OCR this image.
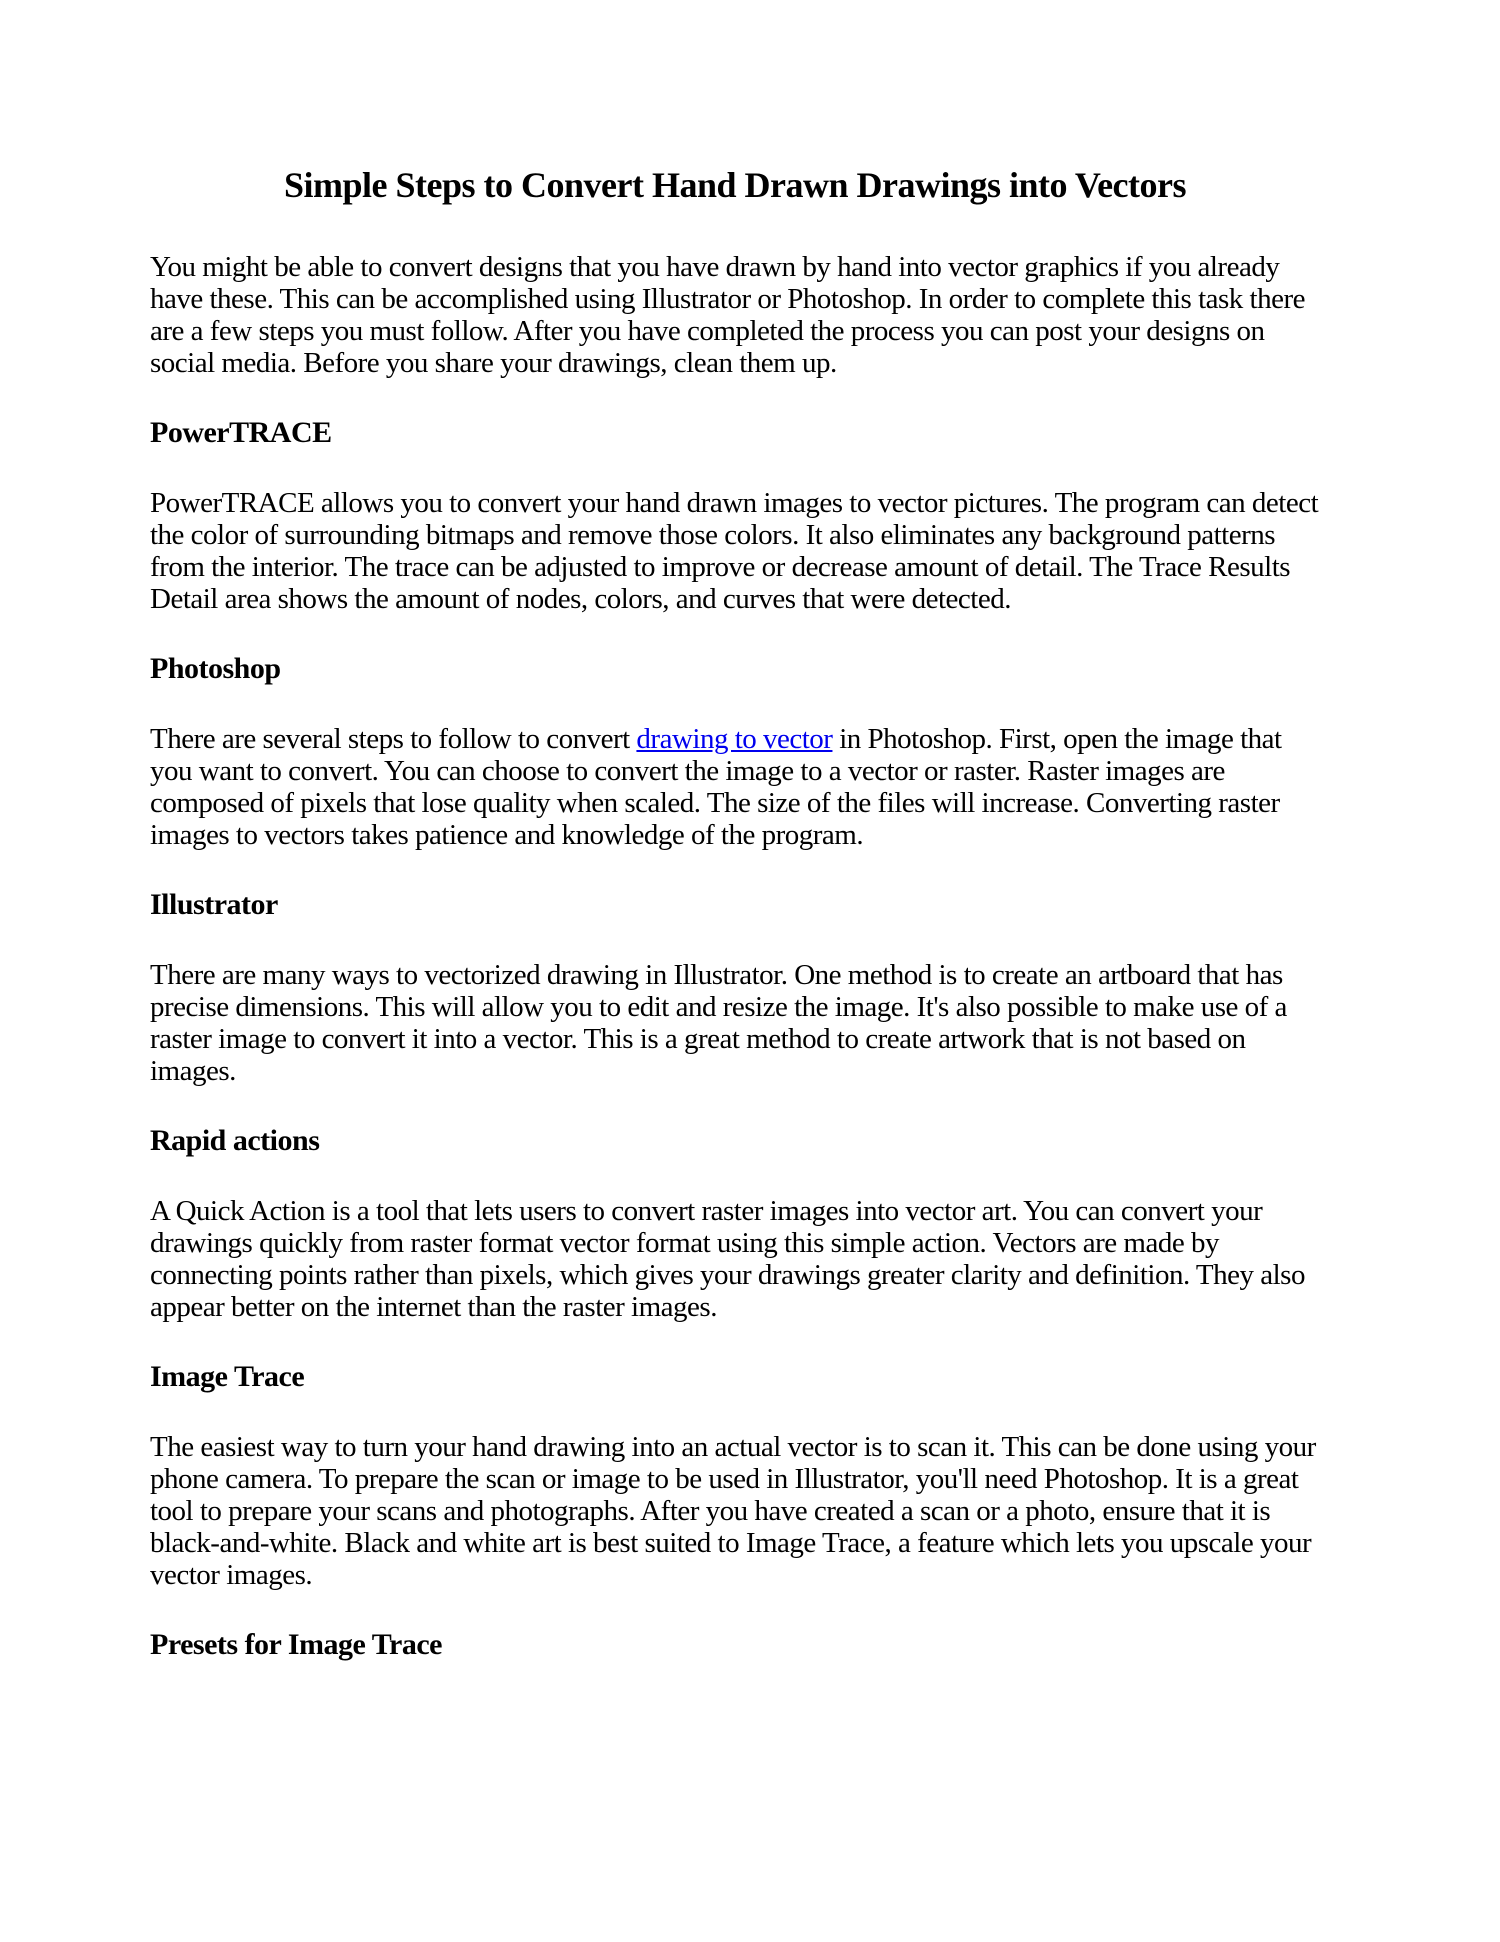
Simple Steps to Convert Hand Drawn Drawings into Vectors

You might be able to convert designs that you have drawn by hand into vector graphics if you already have these. This can be accomplished using Illustrator or Photoshop. In order to complete this task there are a few steps you must follow. After you have completed the process you can post your designs on social media. Before you share your drawings, clean them up.

PowerTRACE

PowerTRACE allows you to convert your hand drawn images to vector pictures. The program can detect the color of surrounding bitmaps and remove those colors. It also eliminates any background patterns from the interior. The trace can be adjusted to improve or decrease amount of detail. The Trace Results Detail area shows the amount of nodes, colors, and curves that were detected.

Photoshop

There are several steps to follow to convert drawing to vector in Photoshop. First, open the image that you want to convert. You can choose to convert the image to a vector or raster. Raster images are composed of pixels that lose quality when scaled. The size of the files will increase. Converting raster images to vectors takes patience and knowledge of the program.

Illustrator

There are many ways to vectorized drawing in Illustrator. One method is to create an artboard that has precise dimensions. This will allow you to edit and resize the image. It's also possible to make use of a raster image to convert it into a vector. This is a great method to create artwork that is not based on images.

Rapid actions

A Quick Action is a tool that lets users to convert raster images into vector art. You can convert your drawings quickly from raster format vector format using this simple action. Vectors are made by connecting points rather than pixels, which gives your drawings greater clarity and definition. They also appear better on the internet than the raster images.

Image Trace

The easiest way to turn your hand drawing into an actual vector is to scan it. This can be done using your phone camera. To prepare the scan or image to be used in Illustrator, you'll need Photoshop. It is a great tool to prepare your scans and photographs. After you have created a scan or a photo, ensure that it is black-and-white. Black and white art is best suited to Image Trace, a feature which lets you upscale your vector images.

Presets for Image Trace
